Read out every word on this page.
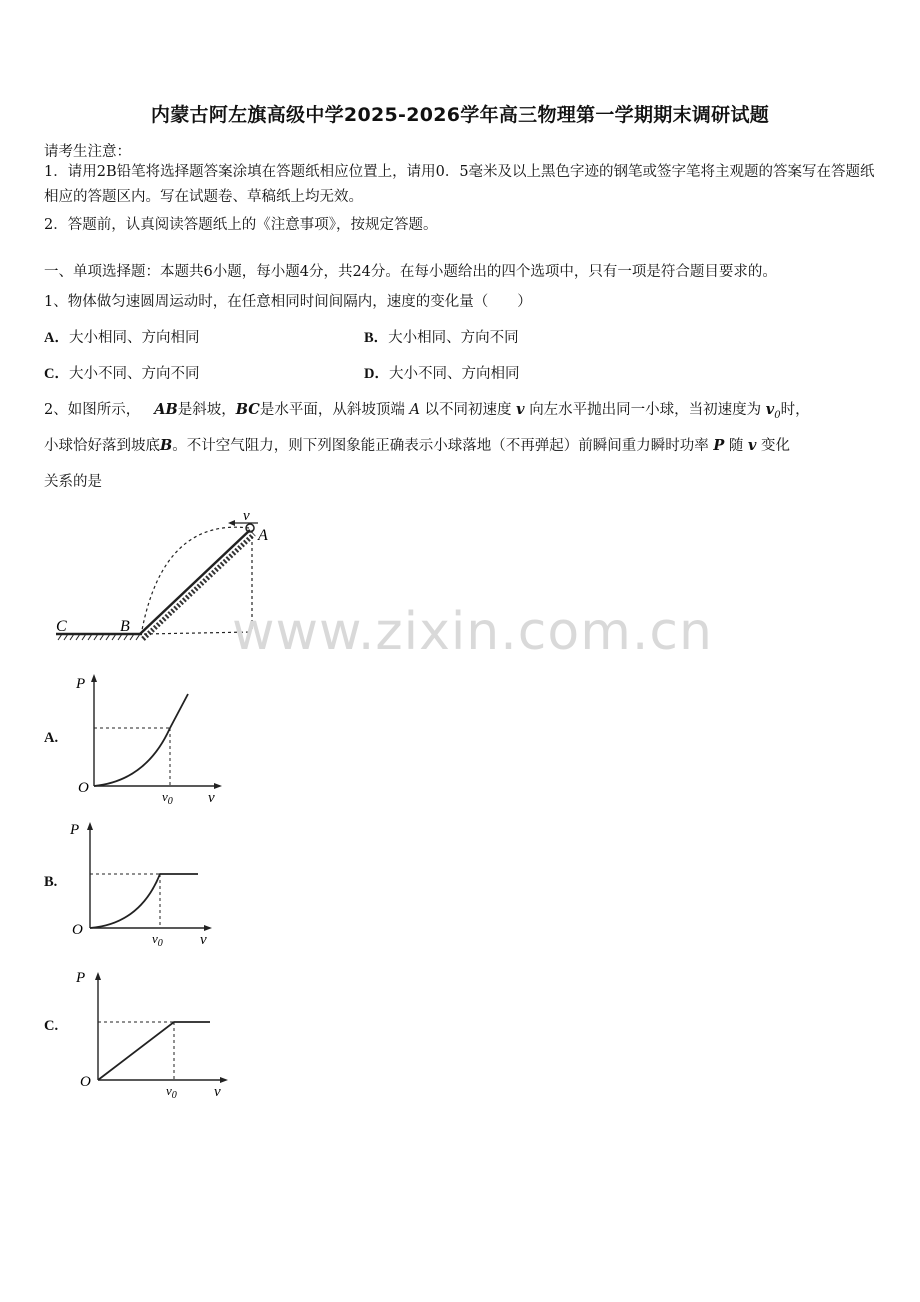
内蒙古阿左旗高级中学2025-2026学年高三物理第一学期期末调研试题
请考生注意：
1．请用2B铅笔将选择题答案涂填在答题纸相应位置上，请用0．5毫米及以上黑色字迹的钢笔或签字笔将主观题的答案写在答题纸相应的答题区内。写在试题卷、草稿纸上均无效。
2．答题前，认真阅读答题纸上的《注意事项》，按规定答题。
一、单项选择题：本题共6小题，每小题4分，共24分。在每小题给出的四个选项中，只有一项是符合题目要求的。
1、物体做匀速圆周运动时，在任意相同时间间隔内，速度的变化量（　　）
A．大小相同、方向相同	B．大小相同、方向不同
C．大小不同、方向不同	D．大小不同、方向相同
2、如图所示， AB是斜坡，BC是水平面，从斜坡顶端 A 以不同初速度 v 向左水平抛出同一小球，当初速度为 $v_0$时，
小球恰好落到坡底B。不计空气阻力，则下列图象能正确表示小球落地（不再弹起）前瞬间重力瞬时功率 P 随 v 变化
关系的是
v
A
B
C	www.zixin.com.cn
A.
P
O
v
$v_0$
B.
P
O
v
$v_0$
C.
P
O
v
$v_0$
